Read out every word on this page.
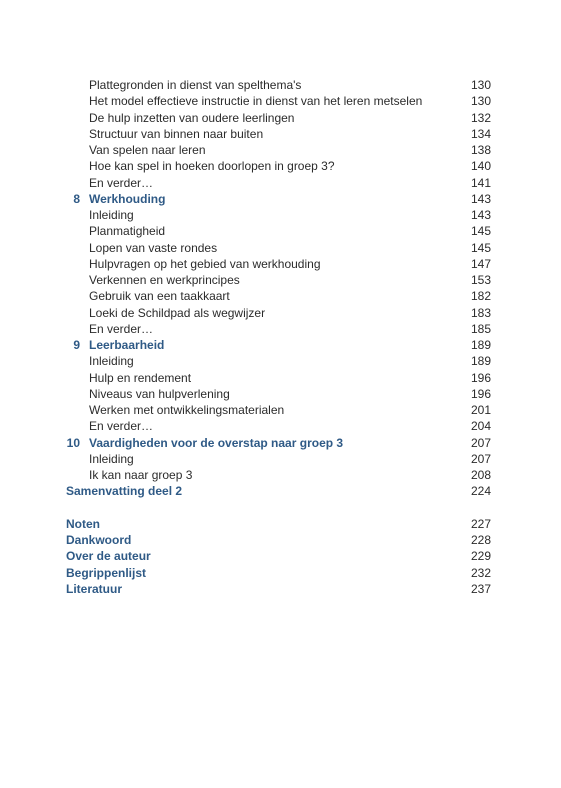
Plattegronden in dienst van spelthema's	130
Het model effectieve instructie in dienst van het leren metselen	130
De hulp inzetten van oudere leerlingen	132
Structuur van binnen naar buiten	134
Van spelen naar leren	138
Hoe kan spel in hoeken doorlopen in groep 3?	140
En verder…	141
8 Werkhouding	143
Inleiding	143
Planmatigheid	145
Lopen van vaste rondes	145
Hulpvragen op het gebied van werkhouding	147
Verkennen en werkprincipes	153
Gebruik van een taakkaart	182
Loeki de Schildpad als wegwijzer	183
En verder…	185
9 Leerbaarheid	189
Inleiding	189
Hulp en rendement	196
Niveaus van hulpverlening	196
Werken met ontwikkelingsmaterialen	201
En verder…	204
10 Vaardigheden voor de overstap naar groep 3	207
Inleiding	207
Ik kan naar groep 3	208
Samenvatting deel 2	224
Noten	227
Dankwoord	228
Over de auteur	229
Begrippenlijst	232
Literatuur	237
